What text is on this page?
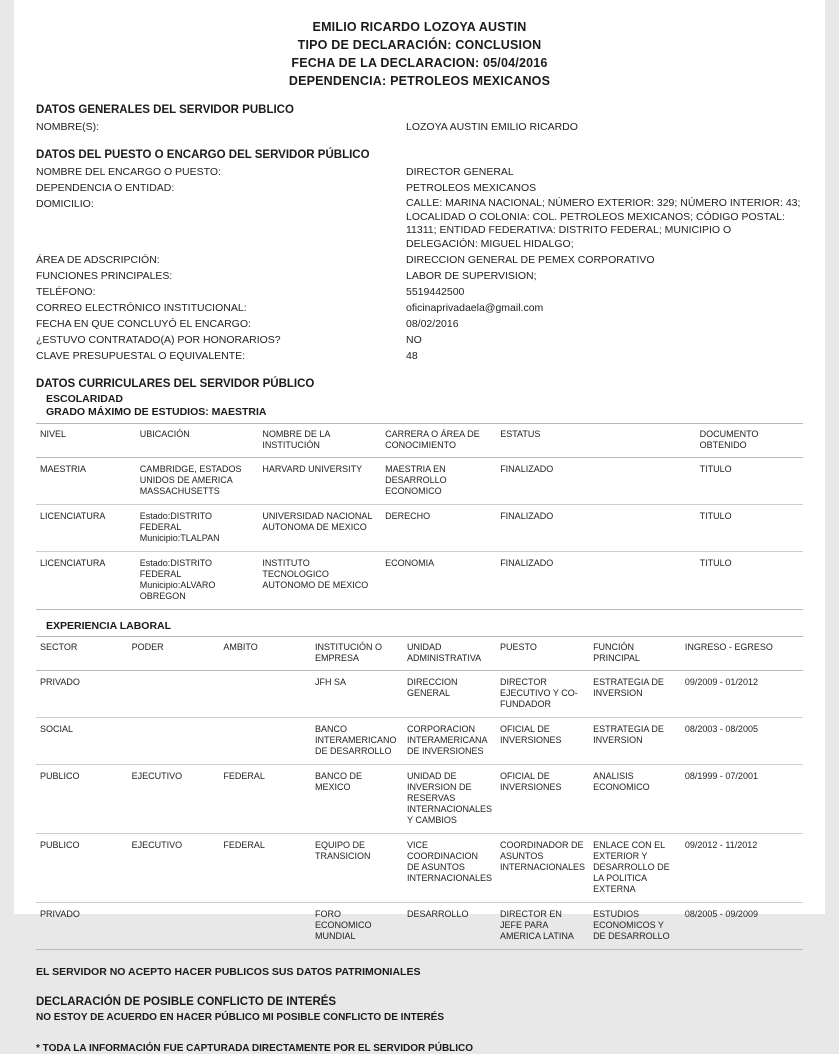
EMILIO RICARDO LOZOYA AUSTIN
TIPO DE DECLARACIÓN: CONCLUSION
FECHA DE LA DECLARACION: 05/04/2016
DEPENDENCIA: PETROLEOS MEXICANOS
DATOS GENERALES DEL SERVIDOR PUBLICO
NOMBRE(S):	LOZOYA AUSTIN EMILIO RICARDO
DATOS DEL PUESTO O ENCARGO DEL SERVIDOR PÚBLICO
NOMBRE DEL ENCARGO O PUESTO:	DIRECTOR GENERAL
DEPENDENCIA O ENTIDAD:	PETROLEOS MEXICANOS
DOMICILIO:	CALLE: MARINA NACIONAL; NÚMERO EXTERIOR: 329; NÚMERO INTERIOR: 43; LOCALIDAD O COLONIA: COL. PETROLEOS MEXICANOS; CÓDIGO POSTAL: 11311; ENTIDAD FEDERATIVA: DISTRITO FEDERAL; MUNICIPIO O DELEGACIÓN: MIGUEL HIDALGO;
ÁREA DE ADSCRIPCIÓN:	DIRECCION GENERAL DE PEMEX CORPORATIVO
FUNCIONES PRINCIPALES:	LABOR DE SUPERVISION;
TELÉFONO:	5519442500
CORREO ELECTRÓNICO INSTITUCIONAL:	oficinaprivadaela@gmail.com
FECHA EN QUE CONCLUYÓ EL ENCARGO:	08/02/2016
¿ESTUVO CONTRATADO(A) POR HONORARIOS?	NO
CLAVE PRESUPUESTAL O EQUIVALENTE:	48
DATOS CURRICULARES DEL SERVIDOR PÚBLICO
ESCOLARIDAD
GRADO MÁXIMO DE ESTUDIOS: MAESTRIA
NIVEL	UBICACIÓN	NOMBRE DE LA INSTITUCIÓN	CARRERA O ÁREA DE CONOCIMIENTO	ESTATUS	DOCUMENTO OBTENIDO
MAESTRIA	CAMBRIDGE, ESTADOS UNIDOS DE AMERICA MASSACHUSETTS	HARVARD UNIVERSITY	MAESTRIA EN DESARROLLO ECONOMICO	FINALIZADO	TITULO
LICENCIATURA	Estado:DISTRITO FEDERAL Municipio:TLALPAN	UNIVERSIDAD NACIONAL AUTONOMA DE MEXICO	DERECHO	FINALIZADO	TITULO
LICENCIATURA	Estado:DISTRITO FEDERAL Municipio:ALVARO OBREGON	INSTITUTO TECNOLOGICO AUTONOMO DE MEXICO	ECONOMIA	FINALIZADO	TITULO
EXPERIENCIA LABORAL
SECTOR	PODER	AMBITO	INSTITUCIÓN O EMPRESA	UNIDAD ADMINISTRATIVA	PUESTO	FUNCIÓN PRINCIPAL	INGRESO - EGRESO
PRIVADO			JFH SA	DIRECCION GENERAL	DIRECTOR EJECUTIVO Y CO-FUNDADOR	ESTRATEGIA DE INVERSION	09/2009 - 01/2012
SOCIAL			BANCO INTERAMERICANO DE DESARROLLO	CORPORACION INTERAMERICANA DE INVERSIONES	OFICIAL DE INVERSIONES	ESTRATEGIA DE INVERSION	08/2003 - 08/2005
PUBLICO	EJECUTIVO	FEDERAL	BANCO DE MEXICO	UNIDAD DE INVERSION DE RESERVAS INTERNACIONALES Y CAMBIOS	OFICIAL DE INVERSIONES	ANALISIS ECONOMICO	08/1999 - 07/2001
PUBLICO	EJECUTIVO	FEDERAL	EQUIPO DE TRANSICION	VICE COORDINACION DE ASUNTOS INTERNACIONALES	COORDINADOR DE ASUNTOS INTERNACIONALES	ENLACE CON EL EXTERIOR Y DESARROLLO DE LA POLITICA EXTERNA	09/2012 - 11/2012
PRIVADO			FORO ECONOMICO MUNDIAL	DESARROLLO	DIRECTOR EN JEFE PARA AMERICA LATINA	ESTUDIOS ECONOMICOS Y DE DESARROLLO	08/2005 - 09/2009
EL SERVIDOR NO ACEPTO HACER PUBLICOS SUS DATOS PATRIMONIALES
DECLARACIÓN DE POSIBLE CONFLICTO DE INTERÉS
NO ESTOY DE ACUERDO EN HACER PÚBLICO MI POSIBLE CONFLICTO DE INTERÉS
* TODA LA INFORMACIÓN FUE CAPTURADA DIRECTAMENTE POR EL SERVIDOR PÚBLICO
